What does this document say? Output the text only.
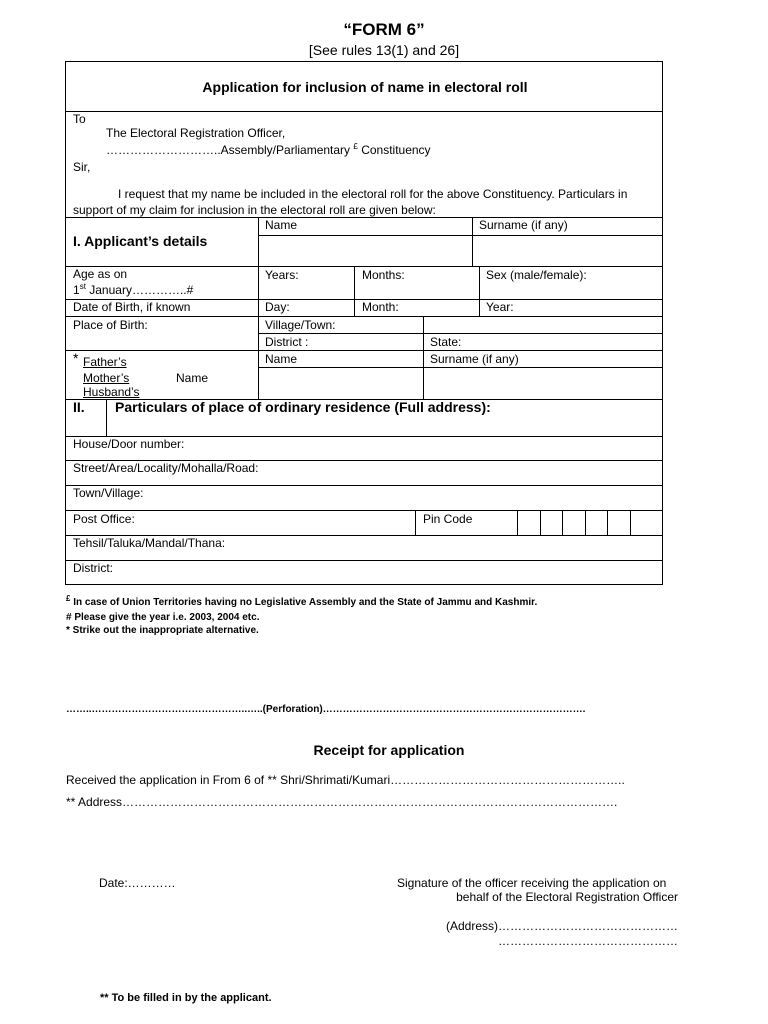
“FORM 6”
[See rules 13(1) and 26]
Application for inclusion of name in electoral roll
To
The Electoral Registration Officer,
………………………..Assembly/Parliamentary £ Constituency
Sir,
I request that my name be included in the electoral roll for the above Constituency. Particulars in
support of my claim for inclusion in the electoral roll are given below:
I. Applicant’s details
Name	Surname (if any)
Age as on
1st January…………..#
Years:	Months:	Sex (male/female):
Date of Birth, if known	Day:	Month:	Year:
Place of Birth:	Village/Town:
District :	State:
* Father’s
Mother’s	Name
Husband’s
Name	Surname (if any)
II. Particulars of place of ordinary residence (Full address):
House/Door number:
Street/Area/Locality/Mohalla/Road:
Town/Village:
Post Office:	Pin Code
Tehsil/Taluka/Mandal/Thana:
District:
£ In case of Union Territories having no Legislative Assembly and the State of Jammu and Kashmir.
# Please give the year i.e. 2003, 2004 etc.
* Strike out the inappropriate alternative.
……..………………………………………..…..(Perforation)…………………………………………………………………….
Receipt for application
Received the application in From 6 of ** Shri/Shrimati/Kumari…………………………………………………..
** Address…………………………………………………………………………………………………………….
Date:…………	Signature of the officer receiving the application on
behalf of the Electoral Registration Officer
(Address)………………………………………
………………………………………
** To be filled in by the applicant.
